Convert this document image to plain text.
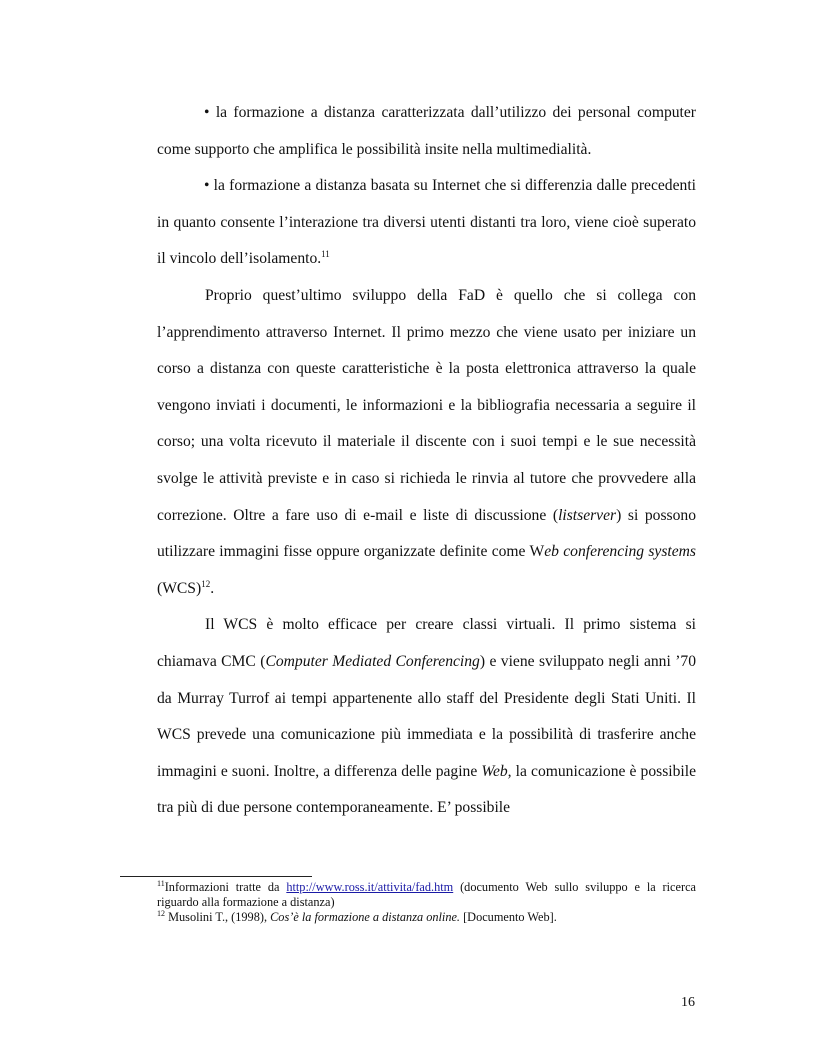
• la formazione a distanza caratterizzata dall’utilizzo dei personal computer come supporto che amplifica le possibilità insite nella multimedialità.

• la formazione a distanza basata su Internet che si differenzia dalle precedenti in quanto consente l’interazione tra diversi utenti distanti tra loro, viene cioè superato il vincolo dell’isolamento.$^{11}$

Proprio quest’ultimo sviluppo della FaD è quello che si collega con l’apprendimento attraverso Internet. Il primo mezzo che viene usato per iniziare un corso a distanza con queste caratteristiche è la posta elettronica attraverso la quale vengono inviati i documenti, le informazioni e la bibliografia necessaria a seguire il corso; una volta ricevuto il materiale il discente con i suoi tempi e le sue necessità svolge le attività previste e in caso si richieda le rinvia al tutore che provvedere alla correzione. Oltre a fare uso di e-mail e liste di discussione (listserver) si possono utilizzare immagini fisse oppure organizzate definite come Web conferencing systems (WCS)$^{12}$.

Il WCS è molto efficace per creare classi virtuali. Il primo sistema si chiamava CMC (Computer Mediated Conferencing) e viene sviluppato negli anni ’70 da Murray Turrof ai tempi appartenente allo staff del Presidente degli Stati Uniti. Il WCS prevede una comunicazione più immediata e la possibilità di trasferire anche immagini e suoni. Inoltre, a differenza delle pagine Web, la comunicazione è possibile tra più di due persone contemporaneamente. E’ possibile

$^{11}$Informazioni tratte da http://www.ross.it/attivita/fad.htm (documento Web sullo sviluppo e la ricerca riguardo alla formazione a distanza)

$^{12}$ Musolini T., (1998), Cos’è la formazione a distanza online. [Documento Web].

16
